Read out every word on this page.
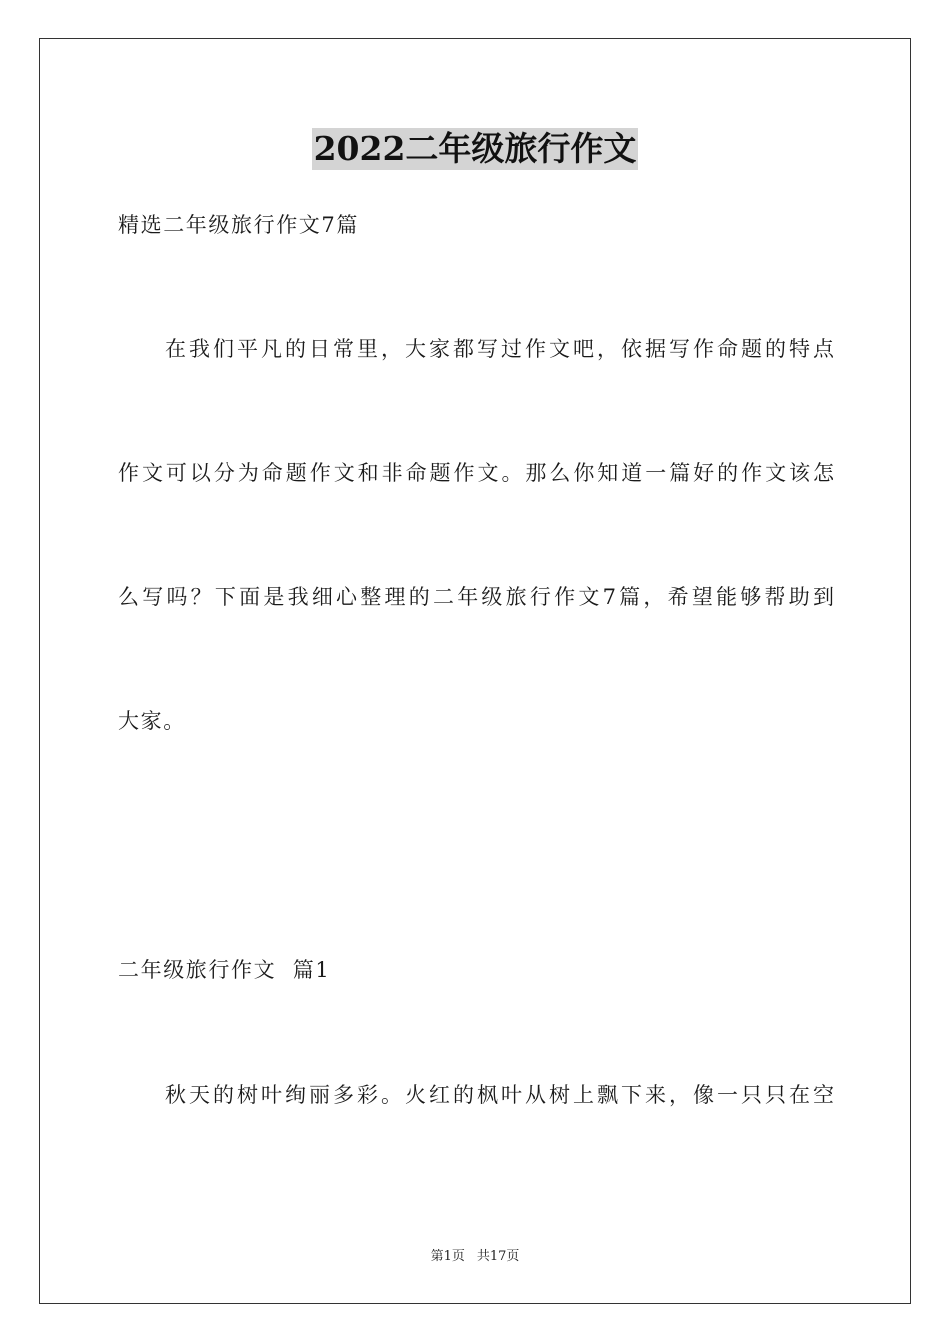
2022二年级旅行作文
精选二年级旅行作文7篇
在我们平凡的日常里，大家都写过作文吧，依据写作命题的特点
作文可以分为命题作文和非命题作文。那么你知道一篇好的作文该怎
么写吗？下面是我细心整理的二年级旅行作文7篇，希望能够帮助到
大家。
二年级旅行作文  篇1
秋天的树叶绚丽多彩。火红的枫叶从树上飘下来，像一只只在空
第1页 共17页
